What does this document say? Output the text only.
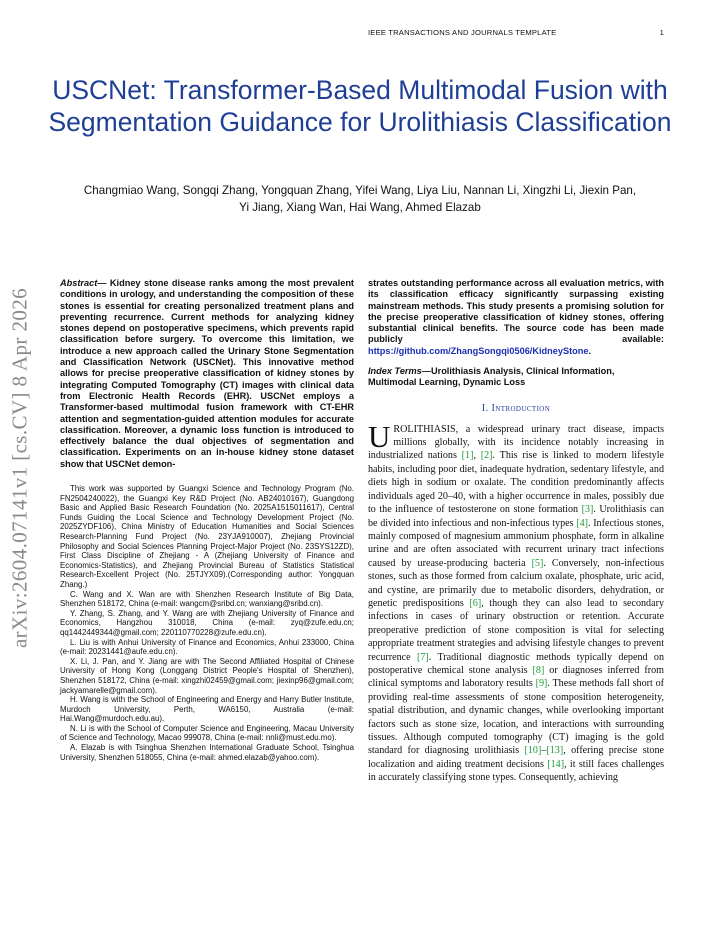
IEEE TRANSACTIONS AND JOURNALS TEMPLATE	1
USCNet: Transformer-Based Multimodal Fusion with Segmentation Guidance for Urolithiasis Classification
Changmiao Wang, Songqi Zhang, Yongquan Zhang, Yifei Wang, Liya Liu, Nannan Li, Xingzhi Li, Jiexin Pan, Yi Jiang, Xiang Wan, Hai Wang, Ahmed Elazab
arXiv:2604.07141v1 [cs.CV] 8 Apr 2026

Abstract— Kidney stone disease ranks among the most prevalent conditions in urology, and understanding the composition of these stones is essential for creating personalized treatment plans and preventing recurrence. Current methods for analyzing kidney stones depend on postoperative specimens, which prevents rapid classification before surgery. To overcome this limitation, we introduce a new approach called the Urinary Stone Segmentation and Classification Network (USCNet). This innovative method allows for precise preoperative classification of kidney stones by integrating Computed Tomography (CT) images with clinical data from Electronic Health Records (EHR). USCNet employs a Transformer-based multimodal fusion framework with CT-EHR attention and segmentation-guided attention modules for accurate classification. Moreover, a dynamic loss function is introduced to effectively balance the dual objectives of segmentation and classification. Experiments on an in-house kidney stone dataset show that USCNet demon-

This work was supported by Guangxi Science and Technology Program (No. FN2504240022), the Guangxi Key R&D Project (No. AB24010167), Guangdong Basic and Applied Basic Research Foundation (No. 2025A1515011617), Central Funds Guiding the Local Science and Technology Development Project (No. 2025ZYDF106), China Ministry of Education Humanities and Social Sciences Research-Planning Fund Project (No. 23YJA910007), Zhejiang Provincial Philosophy and Social Sciences Planning Project-Major Project (No. 23SYS12ZD), First Class Discipline of Zhejiang - A (Zhejiang University of Finance and Economics-Statistics), and Zhejiang Provincial Bureau of Statistics Statistical Research-Excellent Project (No. 25TJYX09).(Corresponding author: Yongquan Zhang.)

C. Wang and X. Wan are with Shenzhen Research Institute of Big Data, Shenzhen 518172, China (e-mail: wangcm@sribd.cn; wanxiang@sribd.cn).

Y. Zhang, S. Zhang, and Y. Wang are with Zhejiang University of Finance and Economics, Hangzhou 310018, China (e-mail: zyq@zufe.edu.cn; qq1442449344@gmail.com; 220110770228@zufe.edu.cn).

L. Liu is with Anhui University of Finance and Economics, Anhui 233000, China (e-mail: 20231441@aufe.edu.cn).

X. Li, J. Pan, and Y. Jiang are with The Second Affiliated Hospital of Chinese University of Hong Kong (Longgang District People's Hospital of Shenzhen), Shenzhen 518172, China (e-mail: xingzhi02459@gmail.com; jiexinp96@gmail.com; jackyamarelle@gmail.com).

H. Wang is with the School of Engineering and Energy and Harry Butler Institute, Murdoch University, Perth, WA6150, Australia (e-mail: Hai.Wang@murdoch.edu.au).

N. Li is with the School of Computer Science and Engineering, Macau University of Science and Technology, Macao 999078, China (e-mail: nnli@must.edu.mo).

A. Elazab is with Tsinghua Shenzhen International Graduate School, Tsinghua University, Shenzhen 518055, China (e-mail: ahmed.elazab@yahoo.com).

strates outstanding performance across all evaluation metrics, with its classification efficacy significantly surpassing existing mainstream methods. This study presents a promising solution for the precise preoperative classification of kidney stones, offering substantial clinical benefits. The source code has been made publicly available: https://github.com/ZhangSongqi0506/KidneyStone.

Index Terms—Urolithiasis Analysis, Clinical Information, Multimodal Learning, Dynamic Loss

I. Introduction

UROLITHIASIS, a widespread urinary tract disease, impacts millions globally, with its incidence notably increasing in industrialized nations [1], [2]. This rise is linked to modern lifestyle habits, including poor diet, inadequate hydration, sedentary lifestyle, and diets high in sodium or oxalate. The condition predominantly affects individuals aged 20–40, with a higher occurrence in males, possibly due to the influence of testosterone on stone formation [3]. Urolithiasis can be divided into infectious and non-infectious types [4]. Infectious stones, mainly composed of magnesium ammonium phosphate, form in alkaline urine and are often associated with recurrent urinary tract infections caused by urease-producing bacteria [5]. Conversely, non-infectious stones, such as those formed from calcium oxalate, phosphate, uric acid, and cystine, are primarily due to metabolic disorders, dehydration, or genetic predispositions [6], though they can also lead to secondary infections in cases of urinary obstruction or retention. Accurate preoperative prediction of stone composition is vital for selecting appropriate treatment strategies and advising lifestyle changes to prevent recurrence [7]. Traditional diagnostic methods typically depend on postoperative chemical stone analysis [8] or diagnoses inferred from clinical symptoms and laboratory results [9]. These methods fall short of providing real-time assessments of stone composition heterogeneity, spatial distribution, and dynamic changes, while overlooking important factors such as stone size, location, and interactions with surrounding tissues. Although computed tomography (CT) imaging is the gold standard for diagnosing urolithiasis [10]–[13], offering precise stone localization and aiding treatment decisions [14], it still faces challenges in accurately classifying stone types. Consequently, achieving
